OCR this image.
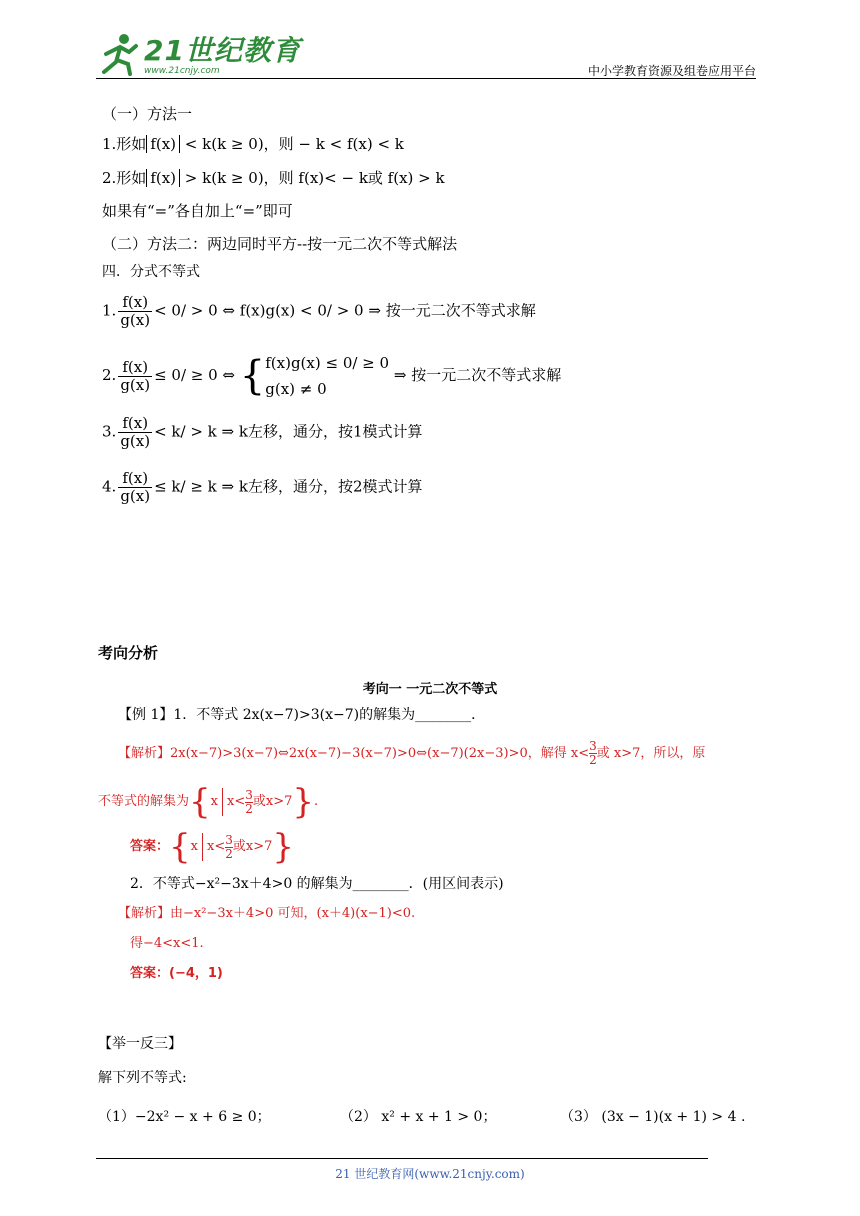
21世纪教育
www.21cnjy.com	中小学教育资源及组卷应用平台
（一）方法一
1.形如 f(x) < k(k ≥ 0)，则 − k < f(x) < k
2.形如 f(x) > k(k ≥ 0)，则 f(x)< − k或 f(x) > k
如果有“=”各自加上“=”即可
（二）方法二：两边同时平方--按一元二次不等式解法
四．分式不等式
1. $\frac{f(x)}{g(x)} < 0/ > 0$ ⇔ f(x)g(x) < 0/ > 0 ⇒ 按一元二次不等式求解
2. $\frac{f(x)}{g(x)} \le 0/ \ge 0$ ⇔ { f(x)g(x) ≤ 0/ ≥ 0
g(x) ≠ 0
⇒ 按一元二次不等式求解
3. $\frac{f(x)}{g(x)} < k/ > k$ ⇒ k左移，通分，按1模式计算
4. $\frac{f(x)}{g(x)} \le k/ \ge k$ ⇒ k左移，通分，按2模式计算
考向分析
考向一 一元二次不等式
【例 1】1．不等式 2x(x−7)>3(x−7)的解集为________．
【解析】2x(x−7)>3(x−7)⇔2x(x−7)−3(x−7)>0⇔(x−7)(2x−3)>0，解得 $x< \frac{3}{2}$ 或 x>7，所以，原
不等式的解集为 { x $x< \frac{3}{2}$ 或x>7 } .
答案： { x $x< \frac{3}{2}$ 或x>7 }
2．不等式−x²−3x＋4>0 的解集为________．(用区间表示)
【解析】由−x²−3x＋4>0 可知，(x＋4)(x−1)<0.
得−4<x<1.
答案：(−4，1)
【举一反三】
解下列不等式:
（1）−2x² − x + 6 ≥ 0；	（2） x² + x + 1 > 0；	（3） (3x − 1)(x + 1) > 4 .
21 世纪教育网(www.21cnjy.com)
